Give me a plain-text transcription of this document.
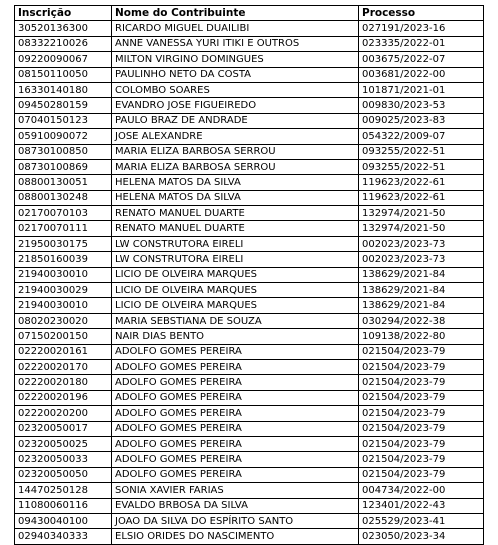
Inscrição	Nome do Contribuinte	Processo
30520136300	RICARDO MIGUEL DUAILIBI	027191/2023-16
08332210026	ANNE VANESSA YURI ITIKI E OUTROS	023335/2022-01
09220090067	MILTON VIRGINO DOMINGUES	003675/2022-07
08150110050	PAULINHO NETO DA COSTA	003681/2022-00
16330140180	COLOMBO SOARES	101871/2021-01
09450280159	EVANDRO JOSE FIGUEIREDO	009830/2023-53
07040150123	PAULO BRAZ DE ANDRADE	009025/2023-83
05910090072	JOSE ALEXANDRE	054322/2009-07
08730100850	MARIA ELIZA BARBOSA SERROU	093255/2022-51
08730100869	MARIA ELIZA BARBOSA SERROU	093255/2022-51
08800130051	HELENA MATOS DA SILVA	119623/2022-61
08800130248	HELENA MATOS DA SILVA	119623/2022-61
02170070103	RENATO MANUEL DUARTE	132974/2021-50
02170070111	RENATO MANUEL DUARTE	132974/2021-50
21950030175	LW CONSTRUTORA EIRELI	002023/2023-73
21850160039	LW CONSTRUTORA EIRELI	002023/2023-73
21940030010	LICIO DE OLVEIRA MARQUES	138629/2021-84
21940030029	LICIO DE OLVEIRA MARQUES	138629/2021-84
21940030010	LICIO DE OLVEIRA MARQUES	138629/2021-84
08020230020	MARIA SEBSTIANA DE SOUZA	030294/2022-38
07150200150	NAIR DIAS BENTO	109138/2022-80
02220020161	ADOLFO GOMES PEREIRA	021504/2023-79
02220020170	ADOLFO GOMES PEREIRA	021504/2023-79
02220020180	ADOLFO GOMES PEREIRA	021504/2023-79
02220020196	ADOLFO GOMES PEREIRA	021504/2023-79
02220020200	ADOLFO GOMES PEREIRA	021504/2023-79
02320050017	ADOLFO GOMES PEREIRA	021504/2023-79
02320050025	ADOLFO GOMES PEREIRA	021504/2023-79
02320050033	ADOLFO GOMES PEREIRA	021504/2023-79
02320050050	ADOLFO GOMES PEREIRA	021504/2023-79
14470250128	SONIA XAVIER FARIAS	004734/2022-00
11080060116	EVALDO BRBOSA DA SILVA	123401/2022-43
09430040100	JOAO DA SILVA DO ESPÍRITO SANTO	025529/2023-41
02940340333	ELSIO ORIDES DO NASCIMENTO	023050/2023-34
